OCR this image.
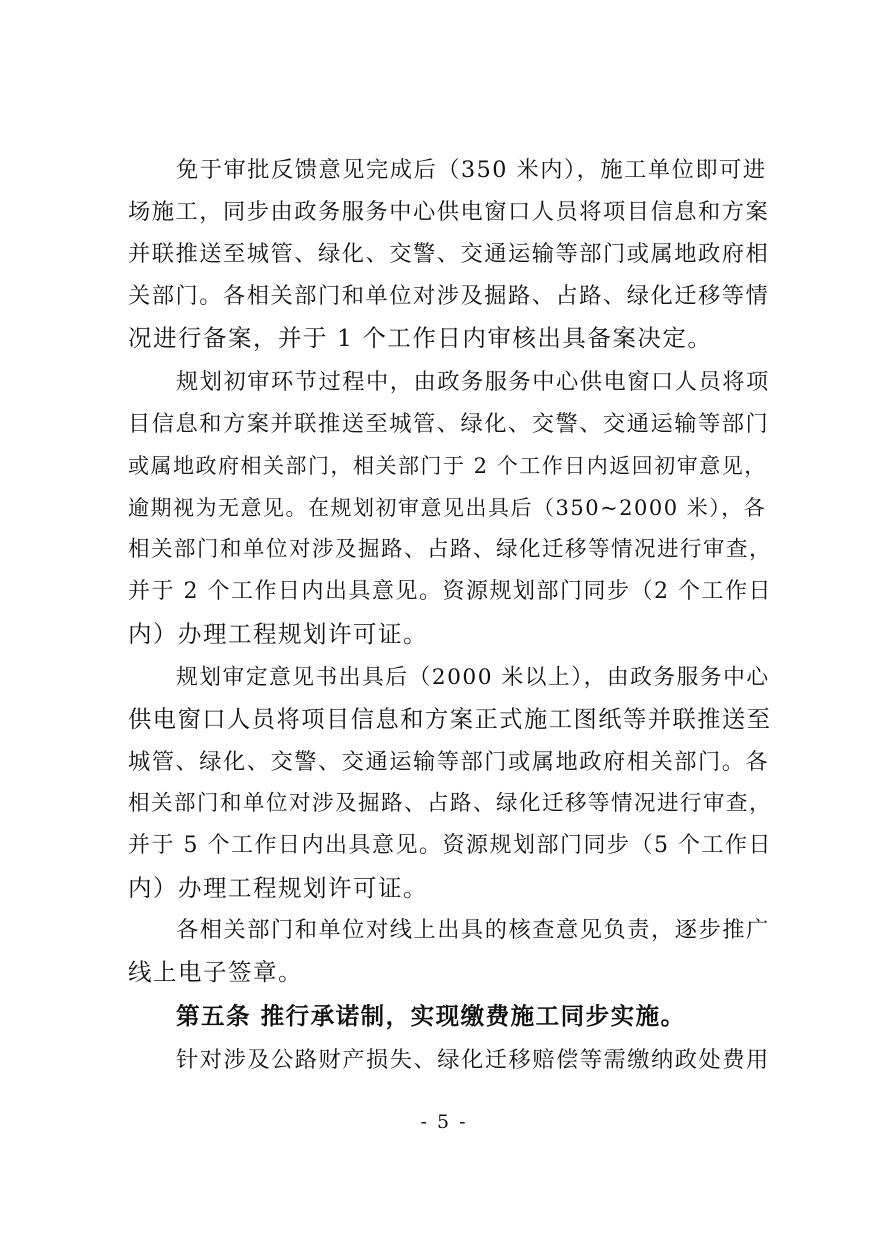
免于审批反馈意见完成后（350 米内），施工单位即可进
场施工，同步由政务服务中心供电窗口人员将项目信息和方案
并联推送至城管、绿化、交警、交通运输等部门或属地政府相
关部门。各相关部门和单位对涉及掘路、占路、绿化迁移等情
况进行备案，并于 1 个工作日内审核出具备案决定。
规划初审环节过程中，由政务服务中心供电窗口人员将项
目信息和方案并联推送至城管、绿化、交警、交通运输等部门
或属地政府相关部门，相关部门于 2 个工作日内返回初审意见，
逾期视为无意见。在规划初审意见出具后（350~2000 米），各
相关部门和单位对涉及掘路、占路、绿化迁移等情况进行审查，
并于 2 个工作日内出具意见。资源规划部门同步（2 个工作日
内）办理工程规划许可证。
规划审定意见书出具后（2000 米以上），由政务服务中心
供电窗口人员将项目信息和方案正式施工图纸等并联推送至
城管、绿化、交警、交通运输等部门或属地政府相关部门。各
相关部门和单位对涉及掘路、占路、绿化迁移等情况进行审查，
并于 5 个工作日内出具意见。资源规划部门同步（5 个工作日
内）办理工程规划许可证。
各相关部门和单位对线上出具的核查意见负责，逐步推广
线上电子签章。
第五条 推行承诺制，实现缴费施工同步实施。
针对涉及公路财产损失、绿化迁移赔偿等需缴纳政处费用
- 5 -
